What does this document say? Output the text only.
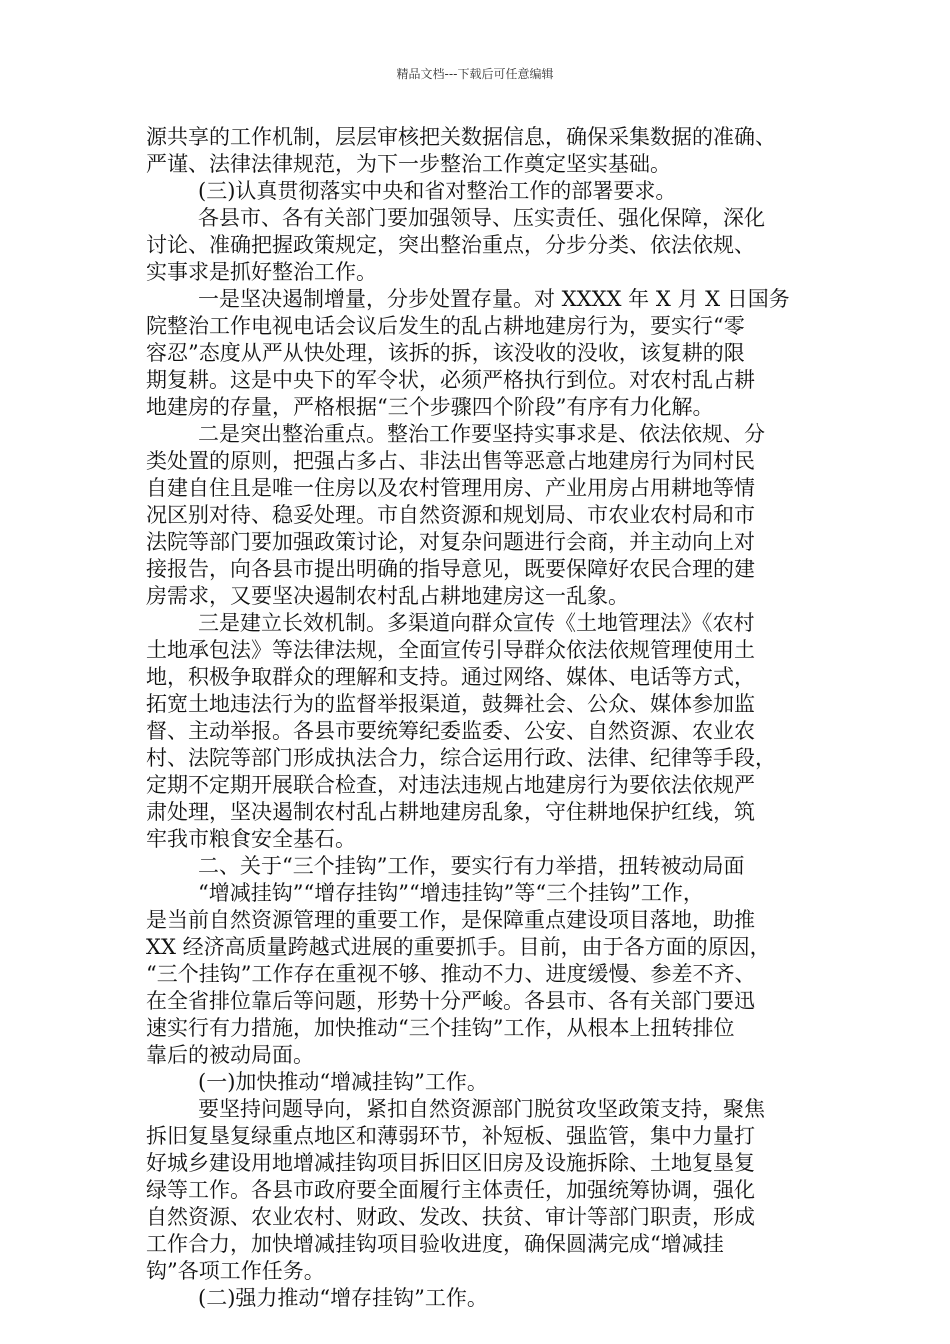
精品文档---下载后可任意编辑
源共享的工作机制，层层审核把关数据信息，确保采集数据的准确、
严谨、法律法律规范，为下一步整治工作奠定坚实基础。
(三)认真贯彻落实中央和省对整治工作的部署要求。
各县市、各有关部门要加强领导、压实责任、强化保障，深化
讨论、准确把握政策规定，突出整治重点，分步分类、依法依规、
实事求是抓好整治工作。
一是坚决遏制增量，分步处置存量。对 XXXX 年 X 月 X 日国务
院整治工作电视电话会议后发生的乱占耕地建房行为，要实行“零
容忍”态度从严从快处理，该拆的拆，该没收的没收，该复耕的限
期复耕。这是中央下的军令状，必须严格执行到位。对农村乱占耕
地建房的存量，严格根据“三个步骤四个阶段”有序有力化解。
二是突出整治重点。整治工作要坚持实事求是、依法依规、分
类处置的原则，把强占多占、非法出售等恶意占地建房行为同村民
自建自住且是唯一住房以及农村管理用房、产业用房占用耕地等情
况区别对待、稳妥处理。市自然资源和规划局、市农业农村局和市
法院等部门要加强政策讨论，对复杂问题进行会商，并主动向上对
接报告，向各县市提出明确的指导意见，既要保障好农民合理的建
房需求，又要坚决遏制农村乱占耕地建房这一乱象。
三是建立长效机制。多渠道向群众宣传《土地管理法》《农村
土地承包法》等法律法规，全面宣传引导群众依法依规管理使用土
地，积极争取群众的理解和支持。通过网络、媒体、电话等方式，
拓宽土地违法行为的监督举报渠道，鼓舞社会、公众、媒体参加监
督、主动举报。各县市要统筹纪委监委、公安、自然资源、农业农
村、法院等部门形成执法合力，综合运用行政、法律、纪律等手段，
定期不定期开展联合检查，对违法违规占地建房行为要依法依规严
肃处理，坚决遏制农村乱占耕地建房乱象，守住耕地保护红线，筑
牢我市粮食安全基石。
二、关于“三个挂钩”工作，要实行有力举措，扭转被动局面
“增减挂钩”“增存挂钩”“增违挂钩”等“三个挂钩”工作，
是当前自然资源管理的重要工作，是保障重点建设项目落地，助推
XX 经济高质量跨越式进展的重要抓手。目前，由于各方面的原因，
“三个挂钩”工作存在重视不够、推动不力、进度缓慢、参差不齐、
在全省排位靠后等问题，形势十分严峻。各县市、各有关部门要迅
速实行有力措施，加快推动“三个挂钩”工作，从根本上扭转排位
靠后的被动局面。
(一)加快推动“增减挂钩”工作。
要坚持问题导向，紧扣自然资源部门脱贫攻坚政策支持，聚焦
拆旧复垦复绿重点地区和薄弱环节，补短板、强监管，集中力量打
好城乡建设用地增减挂钩项目拆旧区旧房及设施拆除、土地复垦复
绿等工作。各县市政府要全面履行主体责任，加强统筹协调，强化
自然资源、农业农村、财政、发改、扶贫、审计等部门职责，形成
工作合力，加快增减挂钩项目验收进度，确保圆满完成“增减挂
钩”各项工作任务。
(二)强力推动“增存挂钩”工作。
